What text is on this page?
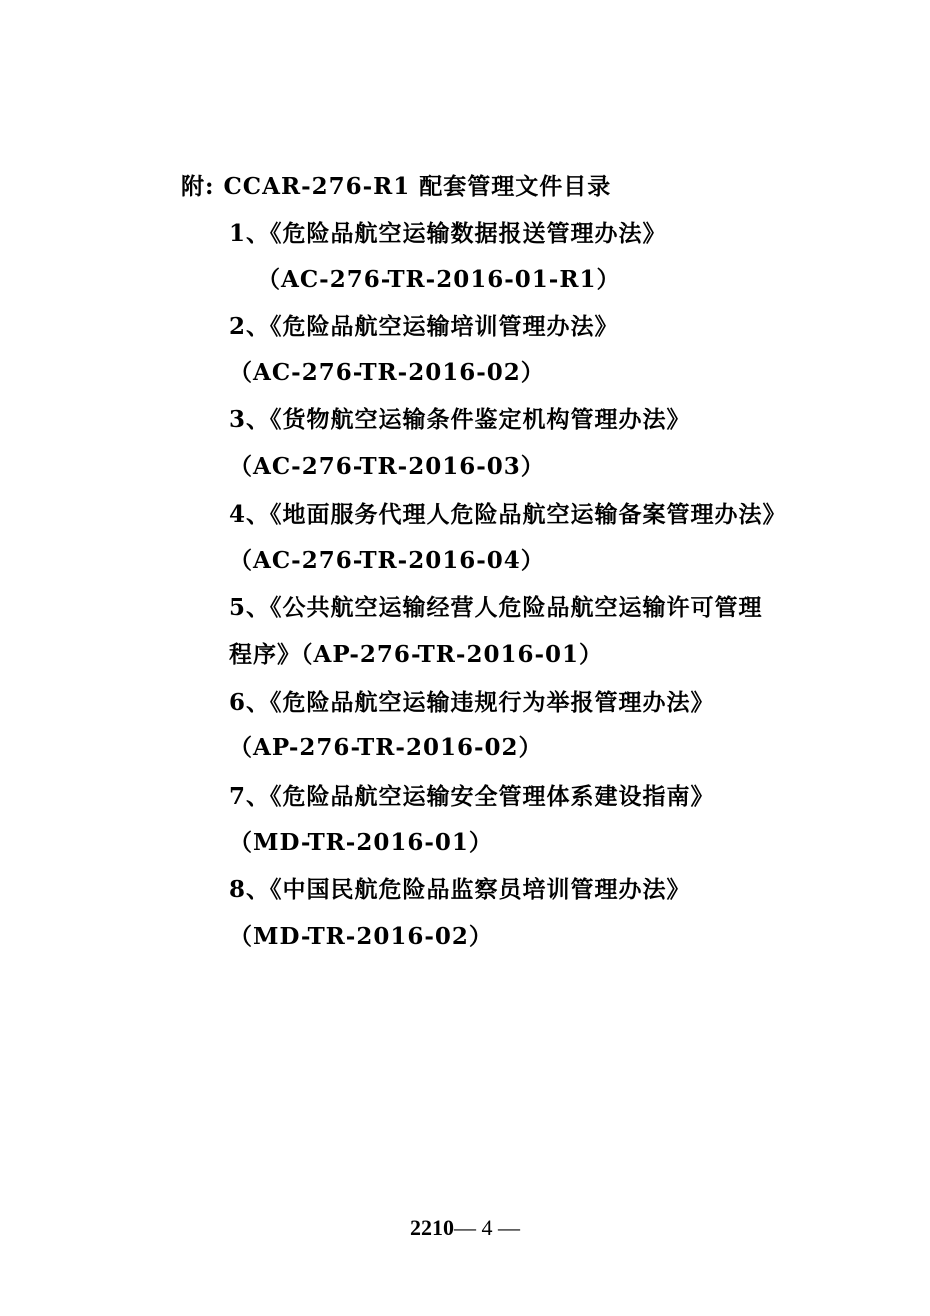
附: CCAR-276-R1 配套管理文件目录
1、《危险品航空运输数据报送管理办法》
（AC-276-TR-2016-01-R1）
2、《危险品航空运输培训管理办法》
（AC-276-TR-2016-02）
3、《货物航空运输条件鉴定机构管理办法》
（AC-276-TR-2016-03）
4、《地面服务代理人危险品航空运输备案管理办法》
（AC-276-TR-2016-04）
5、《公共航空运输经营人危险品航空运输许可管理
程序》（AP-276-TR-2016-01）
6、《危险品航空运输违规行为举报管理办法》
（AP-276-TR-2016-02）
7、《危险品航空运输安全管理体系建设指南》
（MD-TR-2016-01）
8、《中国民航危险品监察员培训管理办法》
（MD-TR-2016-02）
2210— 4 —
